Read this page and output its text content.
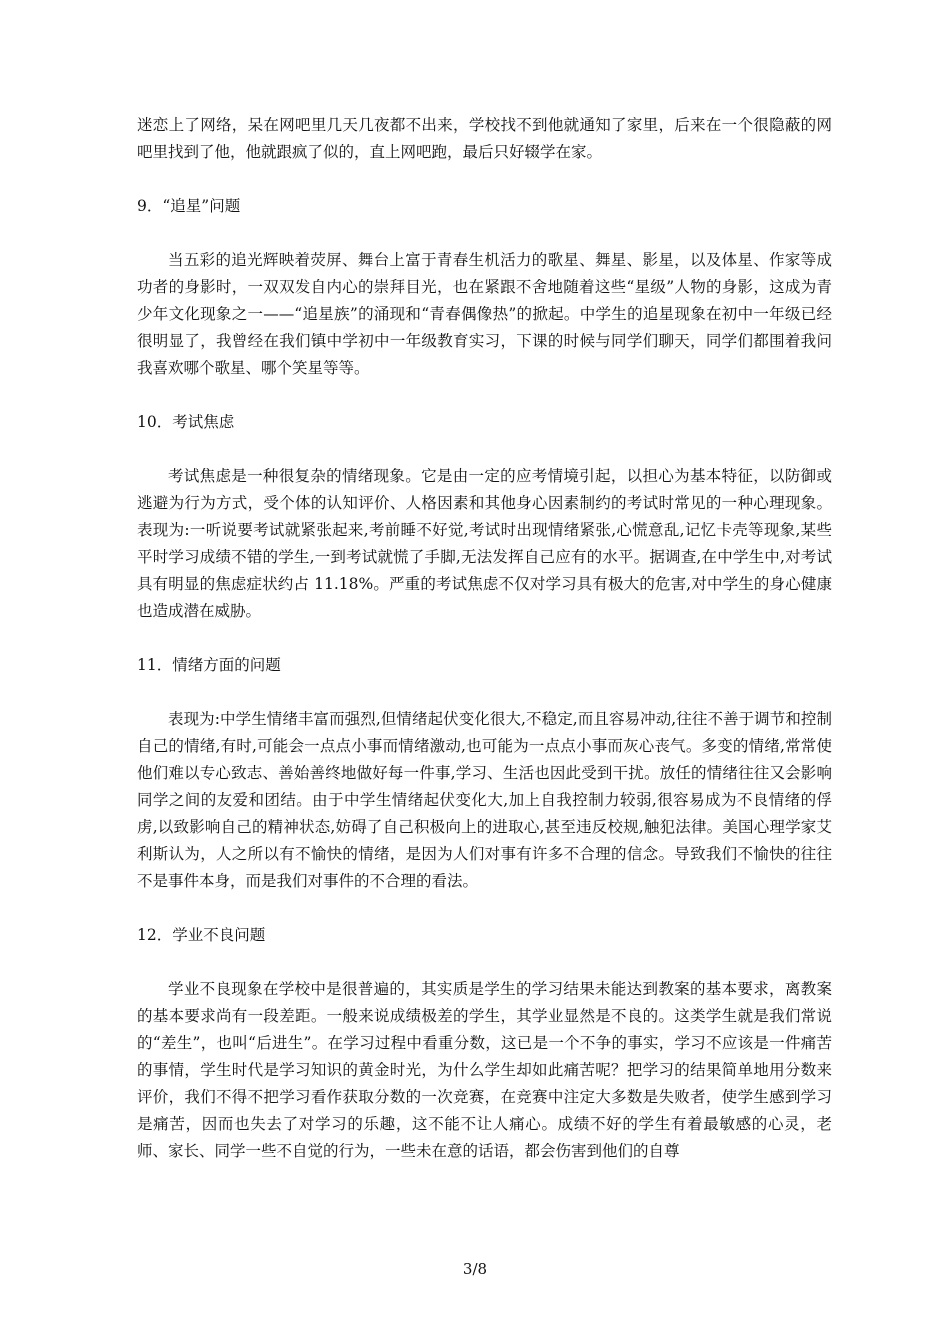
迷恋上了网络，呆在网吧里几天几夜都不出来，学校找不到他就通知了家里，后来在一个很隐蔽的网吧里找到了他，他就跟疯了似的，直上网吧跑，最后只好辍学在家。

9．“追星”问题

当五彩的追光辉映着荧屏、舞台上富于青春生机活力的歌星、舞星、影星，以及体星、作家等成功者的身影时，一双双发自内心的崇拜目光，也在紧跟不舍地随着这些“星级”人物的身影，这成为青少年文化现象之一——“追星族”的涌现和“青春偶像热”的掀起。中学生的追星现象在初中一年级已经很明显了，我曾经在我们镇中学初中一年级教育实习，下课的时候与同学们聊天，同学们都围着我问我喜欢哪个歌星、哪个笑星等等。

10．考试焦虑

考试焦虑是一种很复杂的情绪现象。它是由一定的应考情境引起，以担心为基本特征，以防御或逃避为行为方式，受个体的认知评价、人格因素和其他身心因素制约的考试时常见的一种心理现象。表现为:一听说要考试就紧张起来,考前睡不好觉,考试时出现情绪紧张,心慌意乱,记忆卡壳等现象,某些平时学习成绩不错的学生,一到考试就慌了手脚,无法发挥自己应有的水平。据调查,在中学生中,对考试具有明显的焦虑症状约占 11.18%。严重的考试焦虑不仅对学习具有极大的危害,对中学生的身心健康也造成潜在威胁。

11．情绪方面的问题

表现为:中学生情绪丰富而强烈,但情绪起伏变化很大,不稳定,而且容易冲动,往往不善于调节和控制自己的情绪,有时,可能会一点点小事而情绪激动,也可能为一点点小事而灰心丧气。多变的情绪,常常使他们难以专心致志、善始善终地做好每一件事,学习、生活也因此受到干扰。放任的情绪往往又会影响同学之间的友爱和团结。由于中学生情绪起伏变化大,加上自我控制力较弱,很容易成为不良情绪的俘虏,以致影响自己的精神状态,妨碍了自己积极向上的进取心,甚至违反校规,触犯法律。美国心理学家艾利斯认为，人之所以有不愉快的情绪，是因为人们对事有许多不合理的信念。导致我们不愉快的往往不是事件本身，而是我们对事件的不合理的看法。

12．学业不良问题

学业不良现象在学校中是很普遍的，其实质是学生的学习结果未能达到教案的基本要求，离教案的基本要求尚有一段差距。一般来说成绩极差的学生，其学业显然是不良的。这类学生就是我们常说的“差生”，也叫“后进生”。在学习过程中看重分数，这已是一个不争的事实，学习不应该是一件痛苦的事情，学生时代是学习知识的黄金时光，为什么学生却如此痛苦呢？把学习的结果简单地用分数来评价，我们不得不把学习看作获取分数的一次竞赛，在竞赛中注定大多数是失败者，使学生感到学习是痛苦，因而也失去了对学习的乐趣，这不能不让人痛心。成绩不好的学生有着最敏感的心灵，老师、家长、同学一些不自觉的行为，一些未在意的话语，都会伤害到他们的自尊

3/8
